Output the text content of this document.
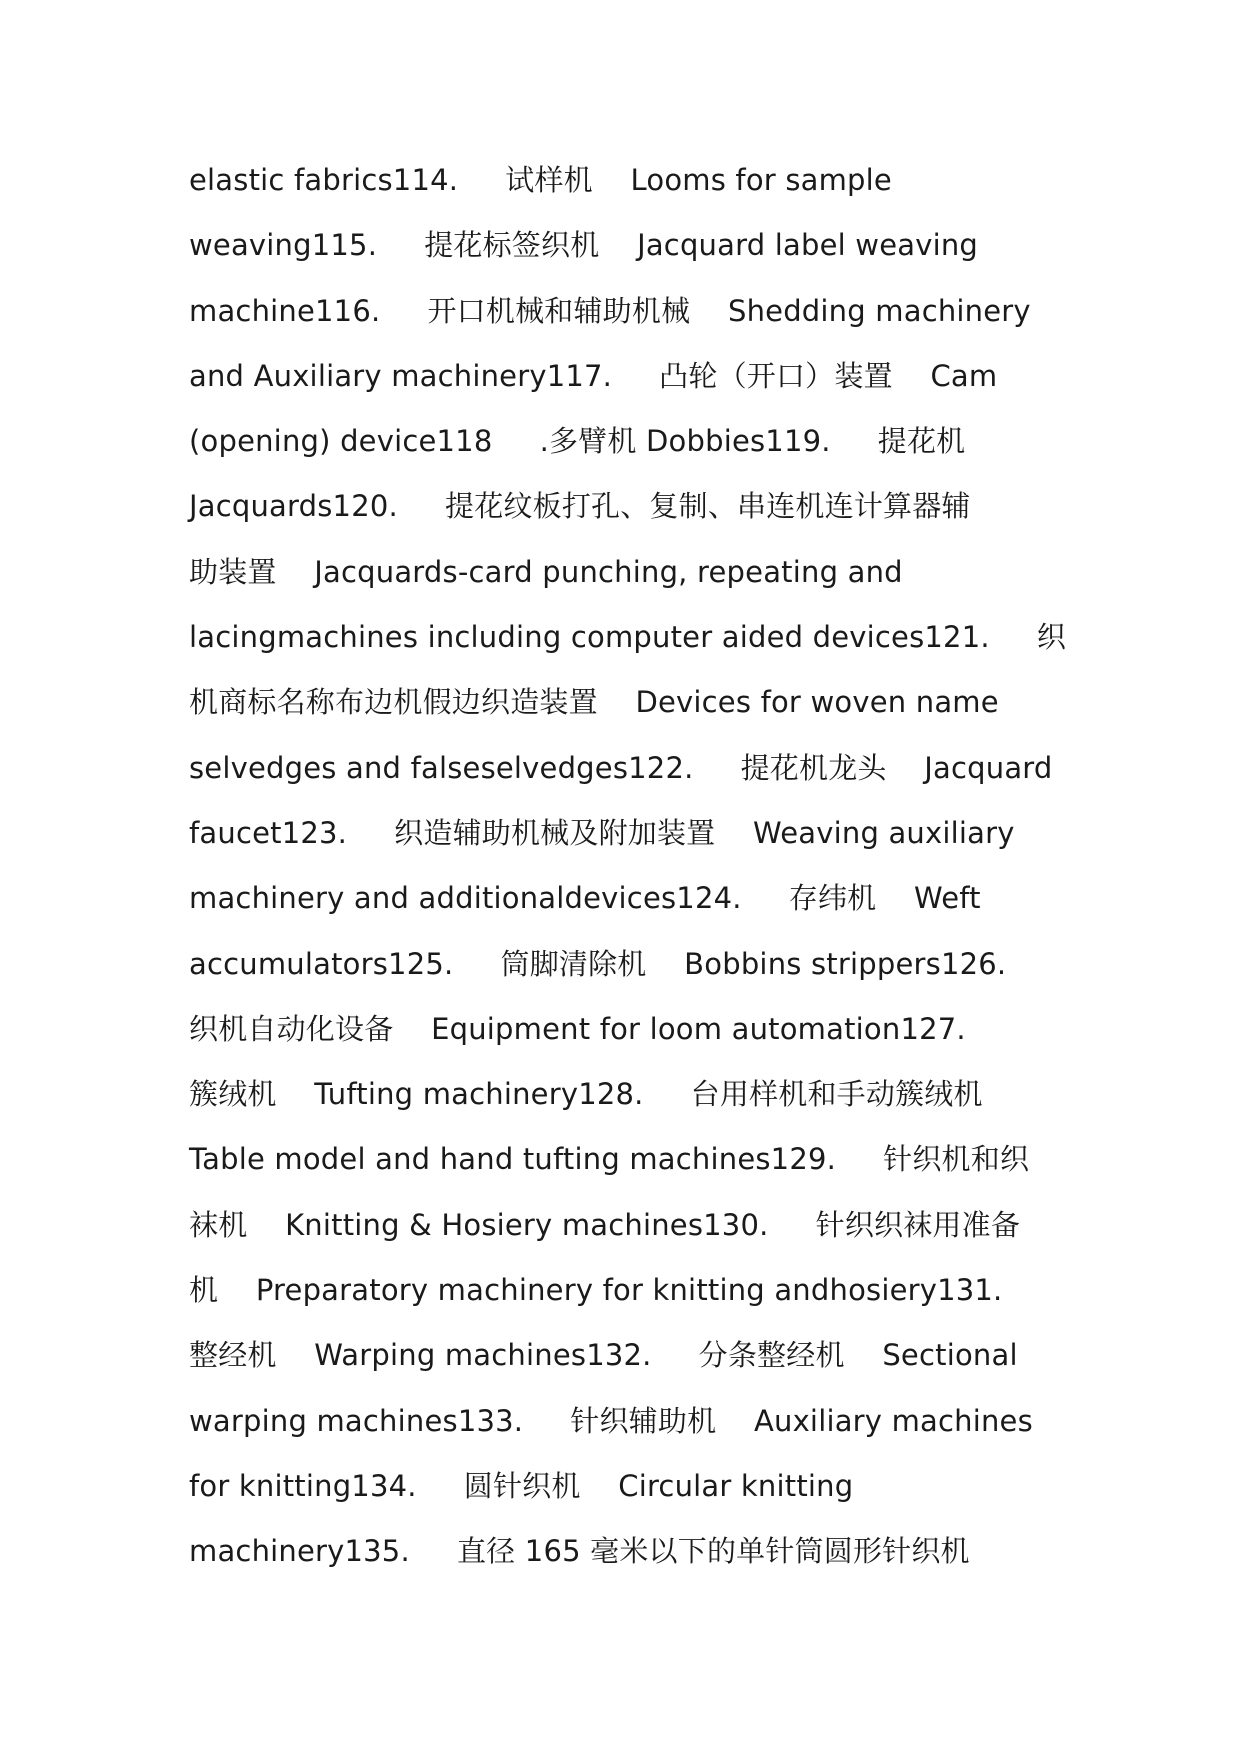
elastic fabrics114.     试样机    Looms for sample
weaving115.     提花标签织机    Jacquard label weaving
machine116.     开口机械和辅助机械    Shedding machinery
and Auxiliary machinery117.     凸轮（开口）装置    Cam
(opening) device118     .多臂机 Dobbies119.     提花机
Jacquards120.     提花纹板打孔、复制、串连机连计算器辅
助装置    Jacquards-card punching, repeating and
lacingmachines including computer aided devices121.     织
机商标名称布边机假边织造装置    Devices for woven name
selvedges and falseselvedges122.     提花机龙头    Jacquard
faucet123.     织造辅助机械及附加装置    Weaving auxiliary
machinery and additionaldevices124.     存纬机    Weft
accumulators125.     筒脚清除机    Bobbins strippers126.
织机自动化设备    Equipment for loom automation127.
簇绒机    Tufting machinery128.     台用样机和手动簇绒机
Table model and hand tufting machines129.     针织机和织
袜机    Knitting & Hosiery machines130.     针织织袜用准备
机    Preparatory machinery for knitting andhosiery131.
整经机    Warping machines132.     分条整经机    Sectional
warping machines133.     针织辅助机    Auxiliary machines
for knitting134.     圆针织机    Circular knitting
machinery135.     直径 165 毫米以下的单针筒圆形针织机
